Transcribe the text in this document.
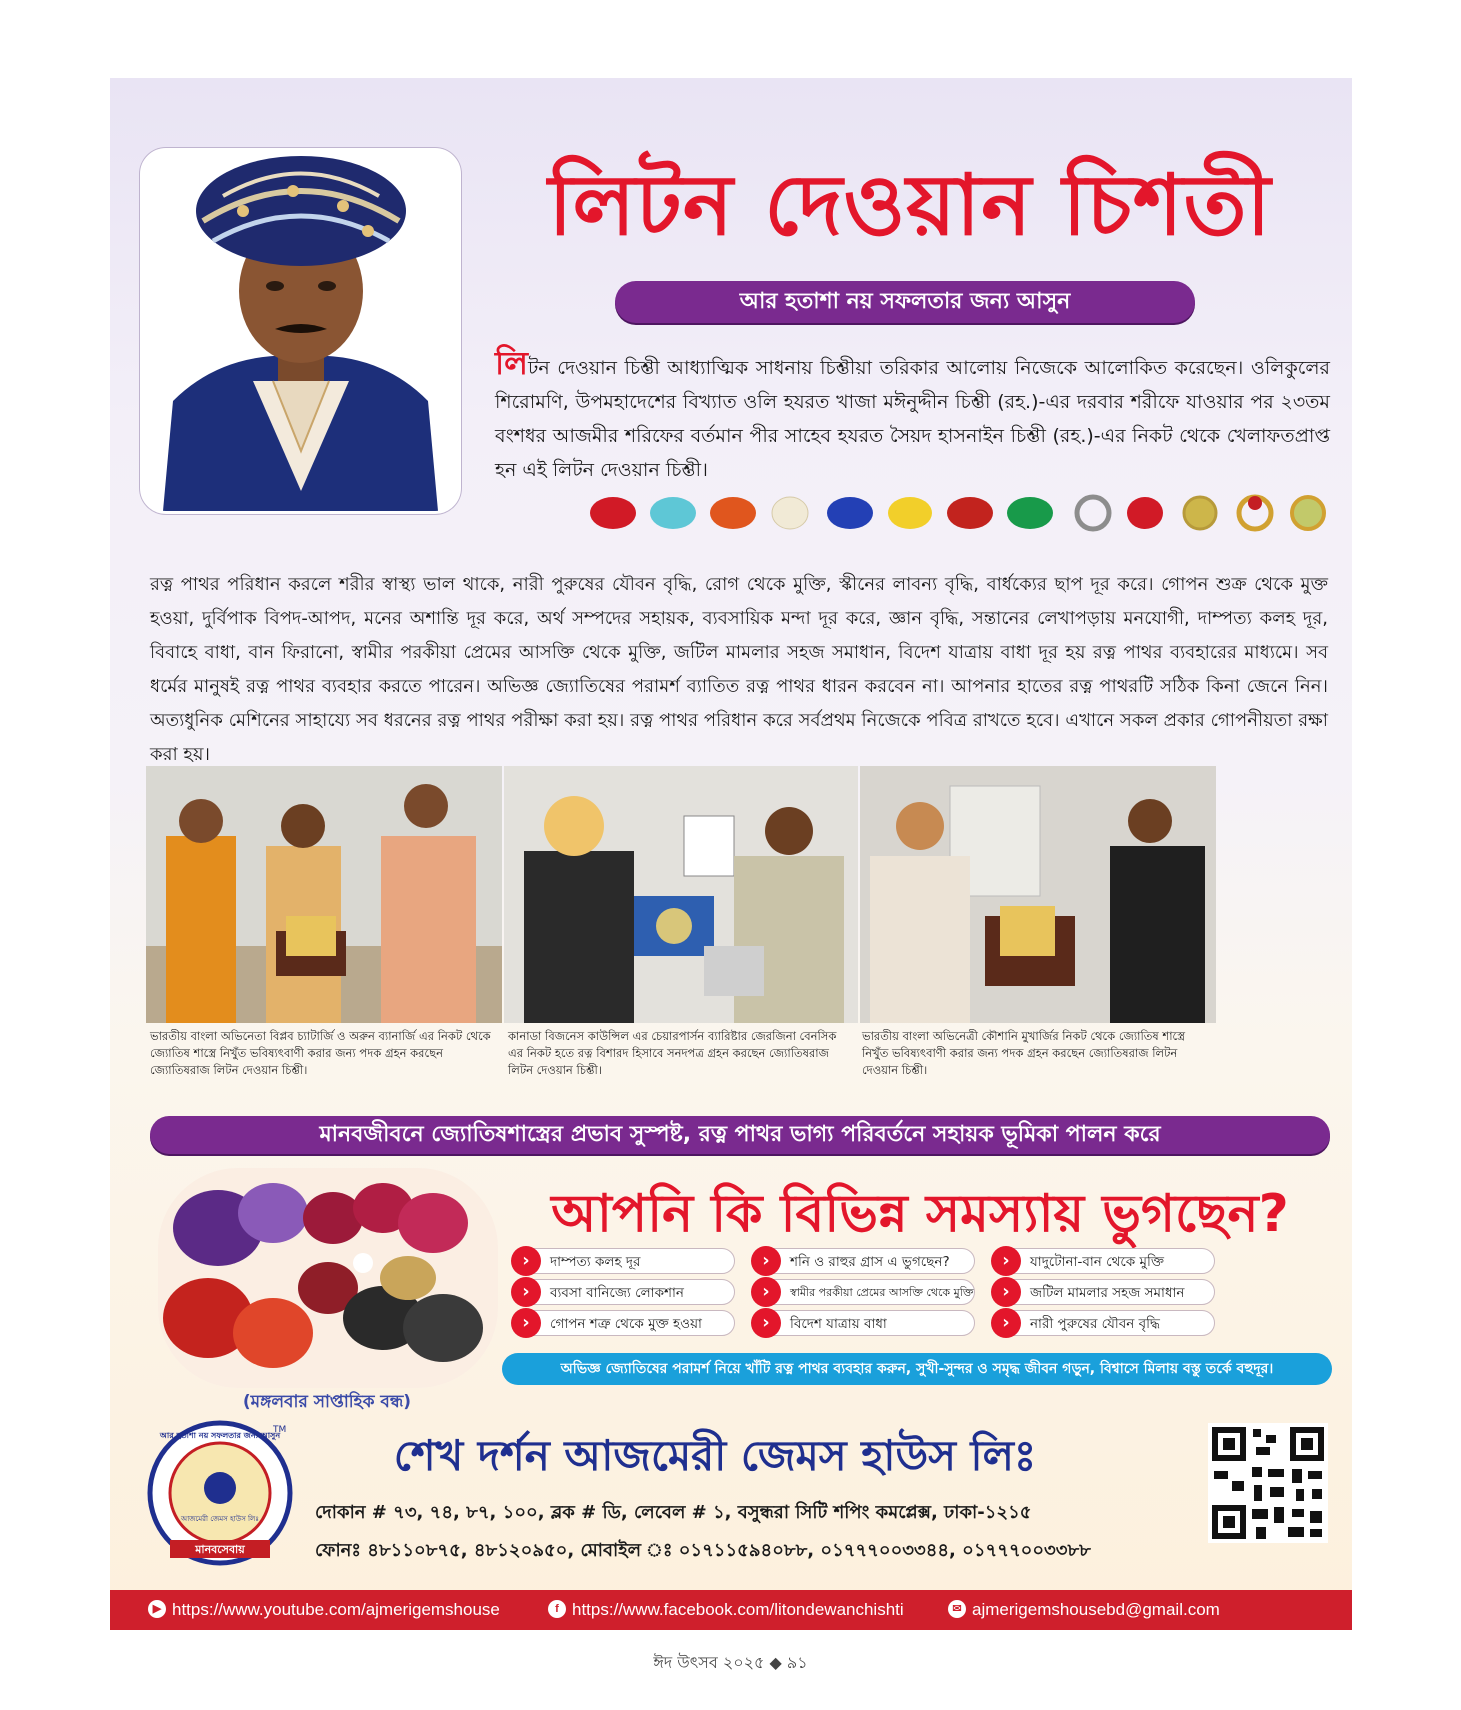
লিটন দেওয়ান চিশতী
আর হতাশা নয় সফলতার জন্য আসুন
লিটন দেওয়ান চিশ্তী আধ্যাত্মিক সাধনায় চিশ্তীয়া তরিকার আলোয় নিজেকে আলোকিত করেছেন। ওলিকুলের শিরোমণি, উপমহাদেশের বিখ্যাত ওলি হযরত খাজা মঈনুদ্দীন চিশ্তী (রহ.)-এর দরবার শরীফে যাওয়ার পর ২৩তম বংশধর আজমীর শরিফের বর্তমান পীর সাহেব হযরত সৈয়দ হাসনাইন চিশ্তী (রহ.)-এর নিকট থেকে খেলাফতপ্রাপ্ত হন এই লিটন দেওয়ান চিশ্তী।
রত্ন পাথর পরিধান করলে শরীর স্বাস্থ্য ভাল থাকে, নারী পুরুষের যৌবন বৃদ্ধি, রোগ থেকে মুক্তি, স্কীনের লাবন্য বৃদ্ধি, বার্ধক্যের ছাপ দূর করে। গোপন শুক্র থেকে মুক্ত হওয়া, দুর্বিপাক বিপদ-আপদ, মনের অশান্তি দূর করে, অর্থ সম্পদের সহায়ক, ব্যবসায়িক মন্দা দূর করে, জ্ঞান বৃদ্ধি, সন্তানের লেখাপড়ায় মনযোগী, দাম্পত্য কলহ দূর, বিবাহে বাধা, বান ফিরানো, স্বামীর পরকীয়া প্রেমের আসক্তি থেকে মুক্তি, জটিল মামলার সহজ সমাধান, বিদেশ যাত্রায় বাধা দূর হয় রত্ন পাথর ব্যবহারের মাধ্যমে। সব ধর্মের মানুষই রত্ন পাথর ব্যবহার করতে পারেন। অভিজ্ঞ জ্যোতিষের পরামর্শ ব্যাতিত রত্ন পাথর ধারন করবেন না। আপনার হাতের রত্ন পাথরটি সঠিক কিনা জেনে নিন। অত্যধুনিক মেশিনের সাহায্যে সব ধরনের রত্ন পাথর পরীক্ষা করা হয়। রত্ন পাথর পরিধান করে সর্বপ্রথম নিজেকে পবিত্র রাখতে হবে। এখানে সকল প্রকার গোপনীয়তা রক্ষা করা হয়।
ভারতীয় বাংলা অভিনেতা বিপ্লব চ্যাটার্জি ও অরুন ব্যানার্জি এর নিকট থেকে জ্যোতিষ শাস্ত্রে নিখুঁত ভবিষ্যৎবাণী করার জন্য পদক গ্রহন করছেন জ্যোতিষরাজ লিটন দেওয়ান চিশ্তী।
কানাডা বিজনেস কাউন্সিল এর চেয়ারপার্সন ব্যারিষ্টার জেরজিনা বেনসিক এর নিকট হতে রত্ন বিশারদ হিসাবে সনদপত্র গ্রহন করছেন জ্যোতিষরাজ লিটন দেওয়ান চিশ্তী।
ভারতীয় বাংলা অভিনেত্রী কৌশানি মুখার্জির নিকট থেকে জ্যোতিষ শাস্ত্রে নিখুঁত ভবিষ্যৎবাণী করার জন্য পদক গ্রহন করছেন জ্যোতিষরাজ লিটন দেওয়ান চিশ্তী।
মানবজীবনে জ্যোতিষশাস্ত্রের প্রভাব সুস্পষ্ট, রত্ন পাথর ভাগ্য পরিবর্তনে সহায়ক ভূমিকা পালন করে
(মঙ্গলবার সাপ্তাহিক বন্ধ)
আপনি কি বিভিন্ন সমস্যায় ভুগছেন?
›	দাম্পত্য কলহ দূর	›	শনি ও রাহুর গ্রাস এ ভুগছেন?	›	যাদুটোনা-বান থেকে মুক্তি
›	ব্যবসা বানিজ্যে লোকশান	›	স্বামীর পরকীয়া প্রেমের আসক্তি থেকে মুক্তি	›	জটিল মামলার সহজ সমাধান
›	গোপন শত্রু থেকে মুক্ত হওয়া	›	বিদেশ যাত্রায় বাধা	›	নারী পুরুষের যৌবন বৃদ্ধি
অভিজ্ঞ জ্যোতিষের পরামর্শ নিয়ে খাঁটি রত্ন পাথর ব্যবহার করুন, সুখী-সুন্দর ও সমৃদ্ধ জীবন গড়ুন, বিশ্বাসে মিলায় বস্তু তর্কে বহুদূর।
আজমেরী জেমস হাউস লিঃ
আর হতাশা নয় সফলতার জন্য আসুন
মানবসেবায়
TM
শেখ দর্শন আজমেরী জেমস হাউস লিঃ
দোকান # ৭৩, ৭৪, ৮৭, ১০০, ব্লক # ডি, লেবেল # ১, বসুন্ধরা সিটি শপিং কমপ্লেক্স, ঢাকা-১২১৫
ফোনঃ ৪৮১১০৮৭৫, ৪৮১২০৯৫০, মোবাইল ঃ ০১৭১১৫৯৪০৮৮, ০১৭৭৭০০৩৩৪৪, ০১৭৭৭০০৩৩৮৮
▶ https://www.youtube.com/ajmerigemshouse	f https://www.facebook.com/litondewanchishti	✉ ajmerigemshousebd@gmail.com
ঈদ উৎসব ২০২৫ ◆ ৯১
